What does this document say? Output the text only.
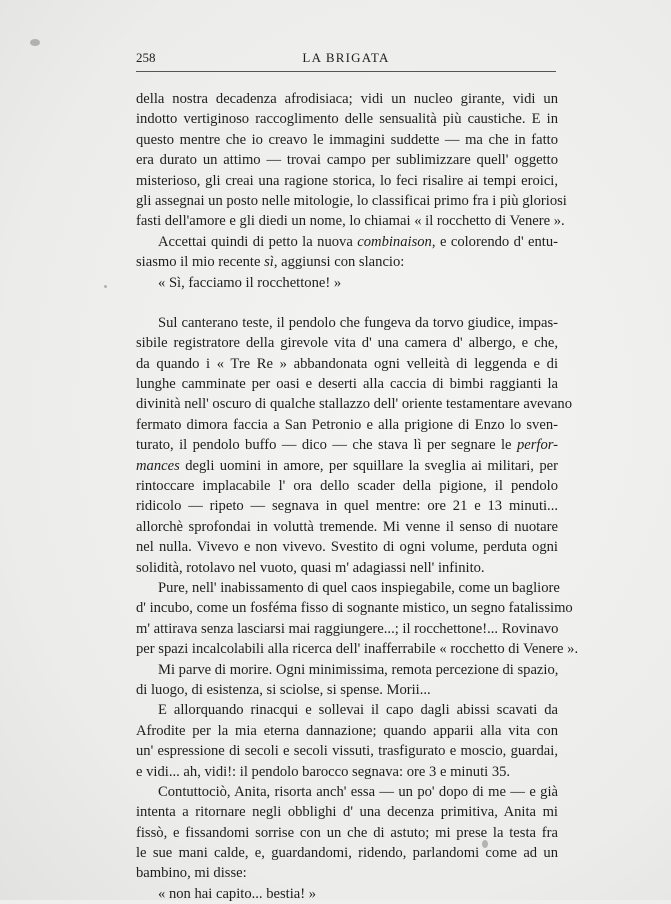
258	LA BRIGATA
della nostra decadenza afrodisiaca; vidi un nucleo girante, vidi un
indotto vertiginoso raccoglimento delle sensualità più caustiche. E in
questo mentre che io creavo le immagini suddette — ma che in fatto
era durato un attimo — trovai campo per sublimizzare quell' oggetto
misterioso, gli creai una ragione storica, lo feci risalire ai tempi eroici,
gli assegnai un posto nelle mitologie, lo classificai primo fra i più gloriosi
fasti dell'amore e gli diedi un nome, lo chiamai « il rocchetto di Venere ».
Accettai quindi di petto la nuova combinaison, e colorendo d' entu-
siasmo il mio recente sì, aggiunsi con slancio:
« Sì, facciamo il rocchettone! »
Sul canterano teste, il pendolo che fungeva da torvo giudice, impas-
sibile registratore della girevole vita d' una camera d' albergo, e che,
da quando i « Tre Re » abbandonata ogni velleità di leggenda e di
lunghe camminate per oasi e deserti alla caccia di bimbi raggianti la
divinità nell' oscuro di qualche stallazzo dell' oriente testamentare avevano
fermato dimora faccia a San Petronio e alla prigione di Enzo lo sven-
turato, il pendolo buffo — dico — che stava lì per segnare le perfor-
mances degli uomini in amore, per squillare la sveglia ai militari, per
rintoccare implacabile l' ora dello scader della pigione, il pendolo
ridicolo — ripeto — segnava in quel mentre: ore 21 e 13 minuti...
allorchè sprofondai in voluttà tremende. Mi venne il senso di nuotare
nel nulla. Vivevo e non vivevo. Svestito di ogni volume, perduta ogni
solidità, rotolavo nel vuoto, quasi m' adagiassi nell' infinito.
Pure, nell' inabissamento di quel caos inspiegabile, come un bagliore
d' incubo, come un fosféma fisso di sognante mistico, un segno fatalissimo
m' attirava senza lasciarsi mai raggiungere...; il rocchettone!... Rovinavo
per spazi incalcolabili alla ricerca dell' inafferrabile « rocchetto di Venere ».
Mi parve di morire. Ogni minimissima, remota percezione di spazio,
di luogo, di esistenza, si sciolse, si spense. Morii...
E allorquando rinacqui e sollevai il capo dagli abissi scavati da
Afrodite per la mia eterna dannazione; quando apparii alla vita con
un' espressione di secoli e secoli vissuti, trasfigurato e moscio, guardai,
e vidi... ah, vidi!: il pendolo barocco segnava: ore 3 e minuti 35.
Contuttociò, Anita, risorta anch' essa — un po' dopo di me — e già
intenta a ritornare negli obblighi d' una decenza primitiva, Anita mi
fissò, e fissandomi sorrise con un che di astuto; mi prese la testa fra
le sue mani calde, e, guardandomi, ridendo, parlandomi come ad un
bambino, mi disse:
« non hai capito... bestia! »
